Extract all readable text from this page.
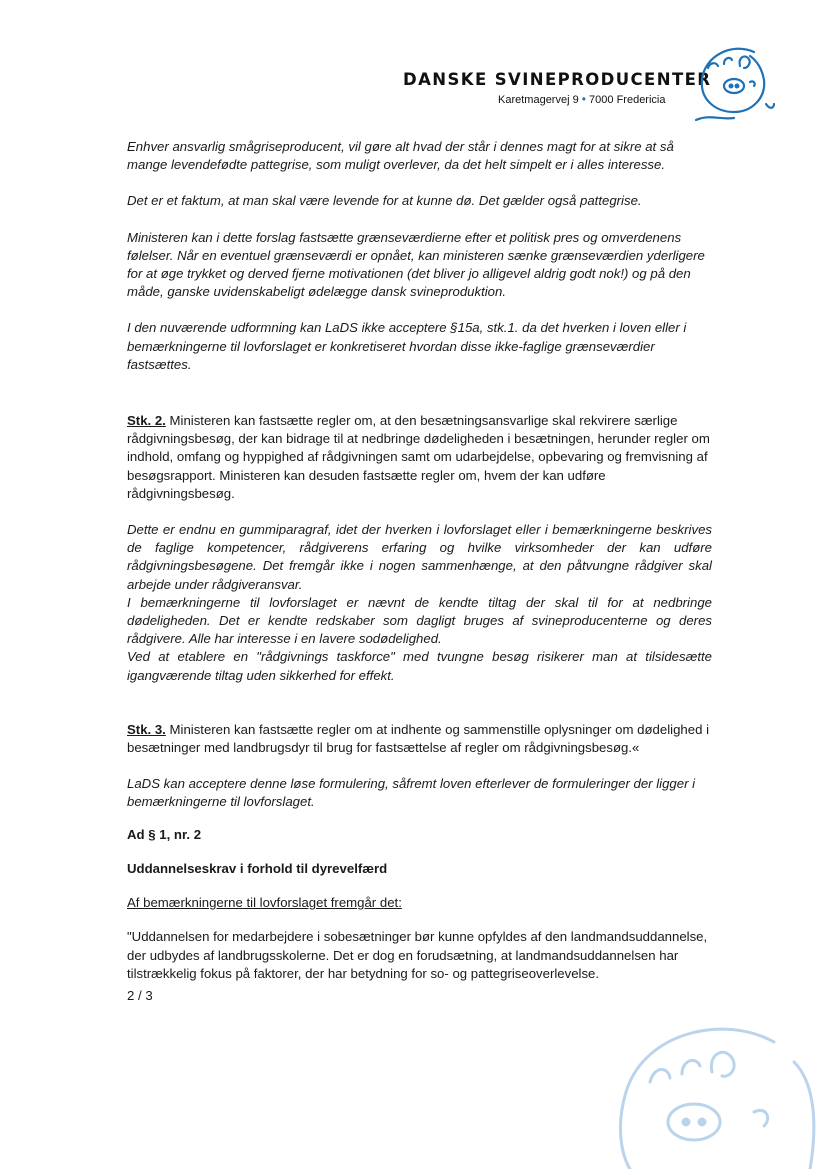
DANSKE SVINEPRODUCENTER
Karetmagervej 9 • 7000 Fredericia

Enhver ansvarlig smågriseproducent, vil gøre alt hvad der står i dennes magt for at sikre at så mange levendefødte pattegrise, som muligt overlever, da det helt simpelt er i alles interesse.

Det er et faktum, at man skal være levende for at kunne dø. Det gælder også pattegrise.

Ministeren kan i dette forslag fastsætte grænseværdierne efter et politisk pres og omverdenens følelser. Når en eventuel grænseværdi er opnået, kan ministeren sænke grænseværdien yderligere for at øge trykket og derved fjerne motivationen (det bliver jo alligevel aldrig godt nok!) og på den måde, ganske uvidenskabeligt ødelægge dansk svineproduktion.

I den nuværende udformning kan LaDS ikke acceptere §15a, stk.1. da det hverken i loven eller i bemærkningerne til lovforslaget er konkretiseret hvordan disse ikke-faglige grænseværdier fastsættes.

Stk. 2. Ministeren kan fastsætte regler om, at den besætningsansvarlige skal rekvirere særlige rådgivningsbesøg, der kan bidrage til at nedbringe dødeligheden i besætningen, herunder regler om indhold, omfang og hyppighed af rådgivningen samt om udarbejdelse, opbevaring og fremvisning af besøgsrapport. Ministeren kan desuden fastsætte regler om, hvem der kan udføre rådgivningsbesøg.

Dette er endnu en gummiparagraf, idet der hverken i lovforslaget eller i bemærkningerne beskrives de faglige kompetencer, rådgiverens erfaring og hvilke virksomheder der kan udføre rådgivningsbesøgene. Det fremgår ikke i nogen sammenhænge, at den påtvungne rådgiver skal arbejde under rådgiveransvar.

I bemærkningerne til lovforslaget er nævnt de kendte tiltag der skal til for at nedbringe dødeligheden. Det er kendte redskaber som dagligt bruges af svineproducenterne og deres rådgivere. Alle har interesse i en lavere sodødelighed.

Ved at etablere en "rådgivnings taskforce" med tvungne besøg risikerer man at tilsidesætte igangværende tiltag uden sikkerhed for effekt.

Stk. 3. Ministeren kan fastsætte regler om at indhente og sammenstille oplysninger om dødelighed i besætninger med landbrugsdyr til brug for fastsættelse af regler om rådgivningsbesøg.«

LaDS kan acceptere denne løse formulering, såfremt loven efterlever de formuleringer der ligger i bemærkningerne til lovforslaget.

Ad § 1, nr. 2

Uddannelseskrav i forhold til dyrevelfærd

Af bemærkningerne til lovforslaget fremgår det:

"Uddannelsen for medarbejdere i sobesætninger bør kunne opfyldes af den landmandsuddannelse, der udbydes af landbrugsskolerne. Det er dog en forudsætning, at landmandsuddannelsen har tilstrækkelig fokus på faktorer, der har betydning for so- og pattegriseoverlevelse.

2 / 3
